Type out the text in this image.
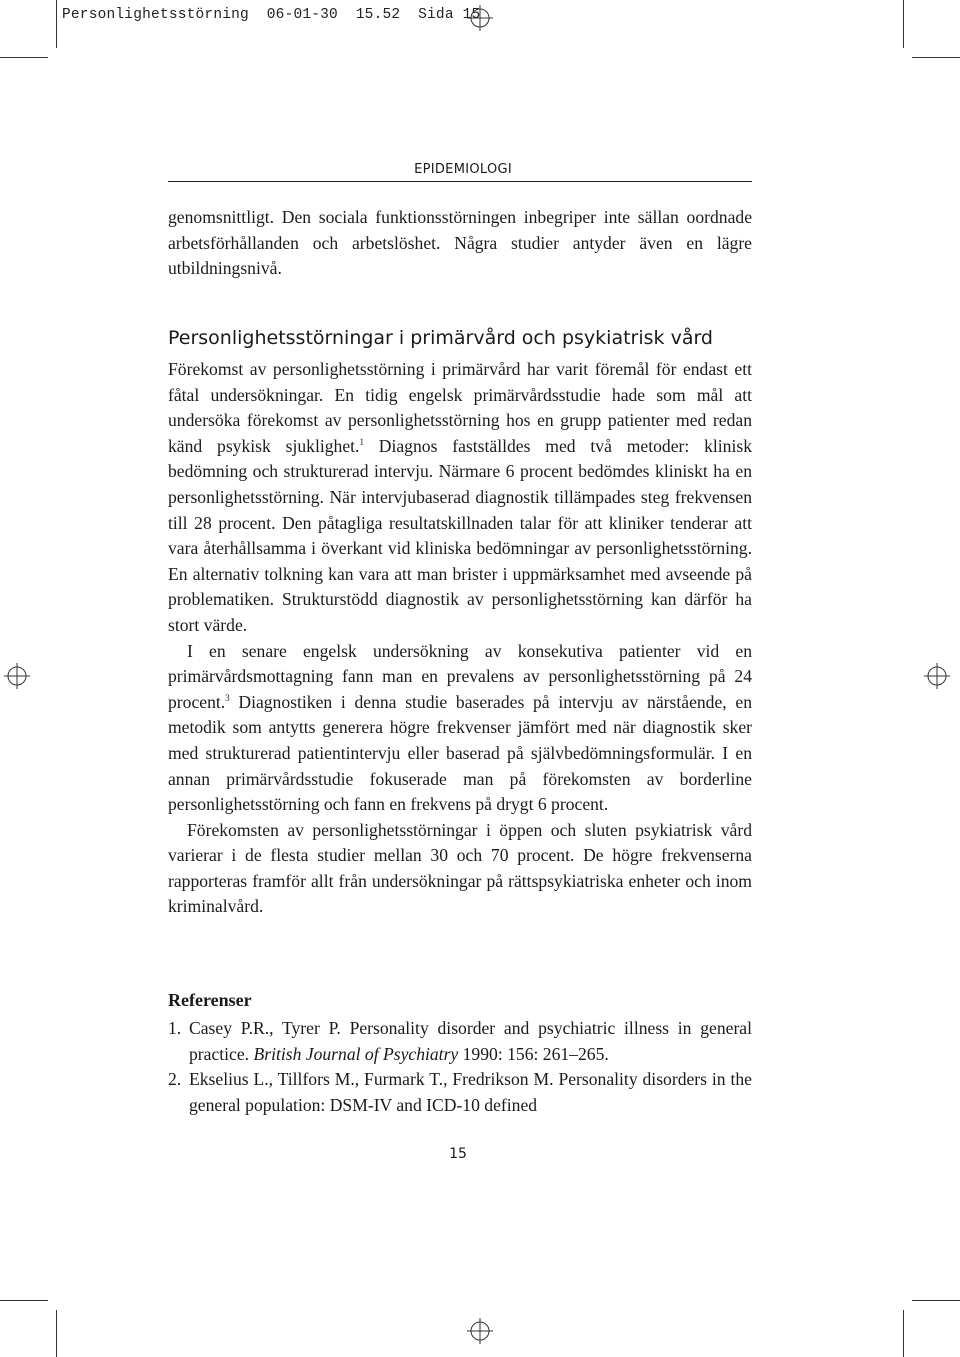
Personlighetsstörning 06-01-30 15.52 Sida 15
EPIDEMIOLOGI

genomsnittligt. Den sociala funktionsstörningen inbegriper inte sällan oordnade arbetsförhållanden och arbetslöshet. Några studier antyder även en lägre utbildningsnivå.

Personlighetsstörningar i primärvård och psykiatrisk vård

Förekomst av personlighetsstörning i primärvård har varit föremål för endast ett fåtal undersökningar. En tidig engelsk primärvårdsstudie hade som mål att undersöka förekomst av personlighetsstörning hos en grupp patienter med redan känd psykisk sjuklighet.$^1$ Diagnos fastställdes med två metoder: klinisk bedömning och strukturerad intervju. Närmare 6 procent bedömdes kliniskt ha en personlighetsstörning. När intervjubaserad diagnostik tillämpades steg frekvensen till 28 procent. Den påtagliga resultatskillnaden talar för att kliniker tenderar att vara återhållsamma i överkant vid kliniska bedömningar av personlighetsstörning. En alternativ tolkning kan vara att man brister i uppmärksamhet med avseende på problematiken. Strukturstödd diagnostik av personlighetsstörning kan därför ha stort värde.

I en senare engelsk undersökning av konsekutiva patienter vid en primärvårdsmottagning fann man en prevalens av personlighetsstörning på 24 procent.$^3$ Diagnostiken i denna studie baserades på intervju av närstående, en metodik som antytts generera högre frekvenser jämfört med när diagnostik sker med strukturerad patientintervju eller baserad på självbedömningsformulär. I en annan primärvårdsstudie fokuserade man på förekomsten av borderline personlighetsstörning och fann en frekvens på drygt 6 procent.

Förekomsten av personlighetsstörningar i öppen och sluten psykiatrisk vård varierar i de flesta studier mellan 30 och 70 procent. De högre frekvenserna rapporteras framför allt från undersökningar på rättspsykiatriska enheter och inom kriminalvård.

Referenser
1. Casey P.R., Tyrer P. Personality disorder and psychiatric illness in general practice. British Journal of Psychiatry 1990: 156: 261–265.
2. Ekselius L., Tillfors M., Furmark T., Fredrikson M. Personality disorders in the general population: DSM-IV and ICD-10 defined
15
